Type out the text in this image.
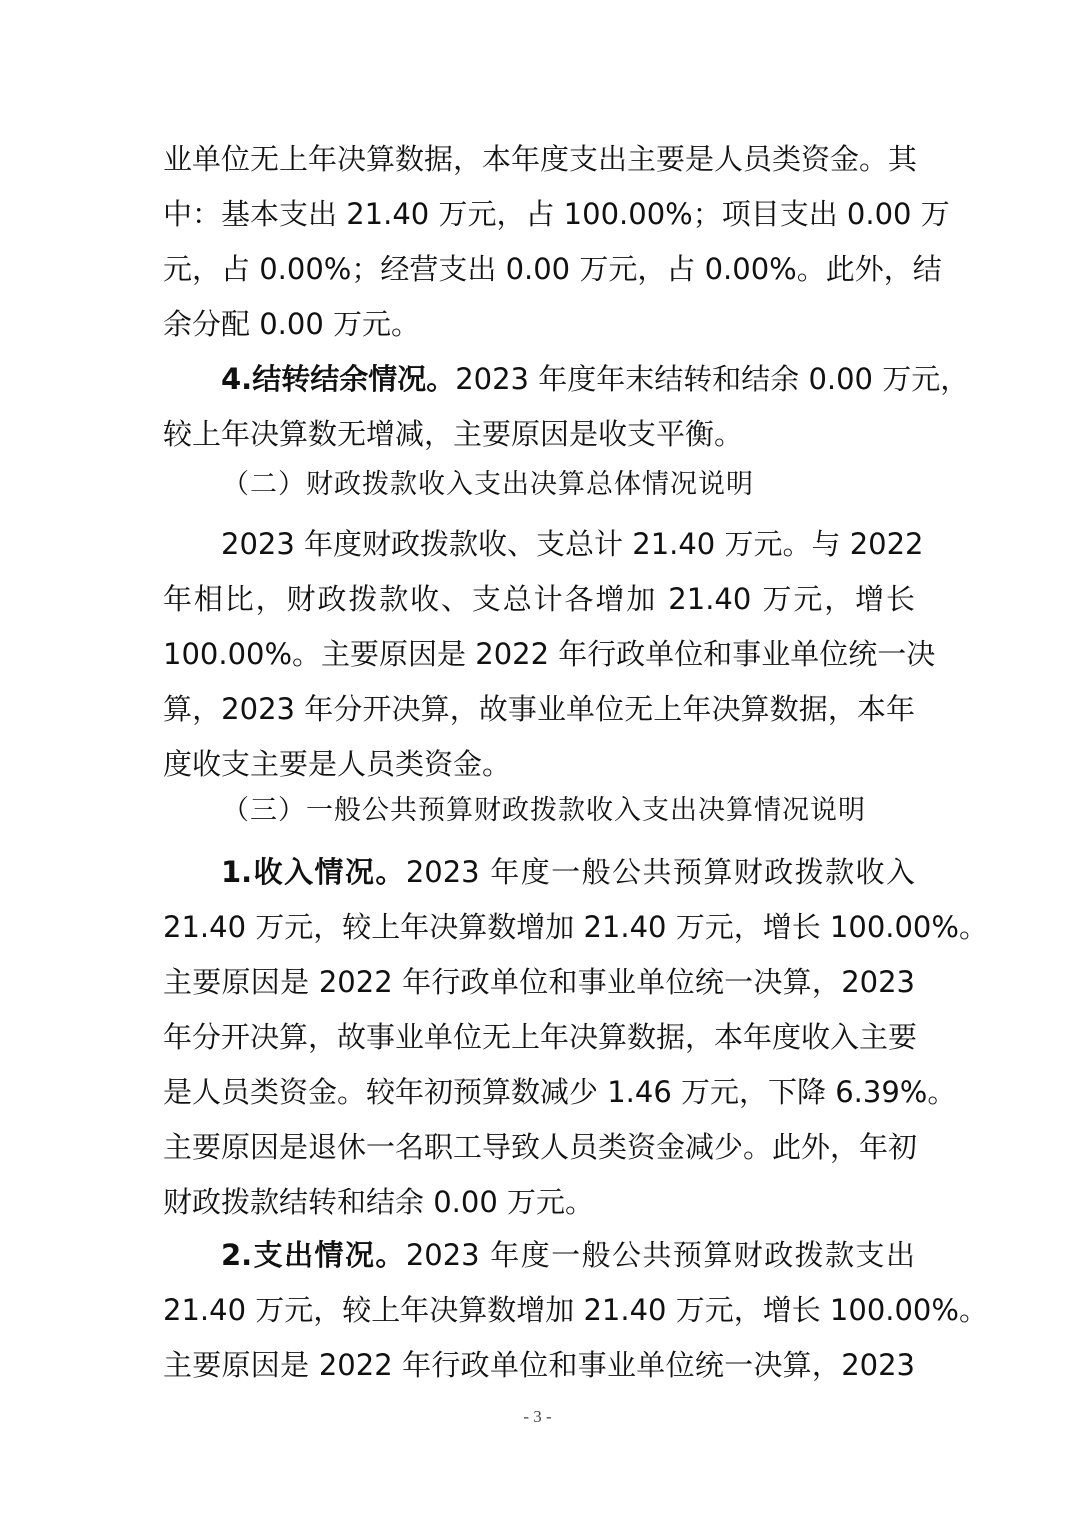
业单位无上年决算数据，本年度支出主要是人员类资金。其
中：基本支出 21.40 万元，占 100.00%；项目支出 0.00 万
元，占 0.00%；经营支出 0.00 万元，占 0.00%。此外，结
余分配 0.00 万元。
4.结转结余情况。2023 年度年末结转和结余 0.00 万元，
较上年决算数无增减，主要原因是收支平衡。
（二）财政拨款收入支出决算总体情况说明
2023 年度财政拨款收、支总计 21.40 万元。与 2022
年相比，财政拨款收、支总计各增加 21.40 万元，增长
100.00%。主要原因是 2022 年行政单位和事业单位统一决
算，2023 年分开决算，故事业单位无上年决算数据，本年
度收支主要是人员类资金。
（三）一般公共预算财政拨款收入支出决算情况说明
1.收入情况。2023 年度一般公共预算财政拨款收入
21.40 万元，较上年决算数增加 21.40 万元，增长 100.00%。
主要原因是 2022 年行政单位和事业单位统一决算，2023
年分开决算，故事业单位无上年决算数据，本年度收入主要
是人员类资金。较年初预算数减少 1.46 万元，下降 6.39%。
主要原因是退休一名职工导致人员类资金减少。此外，年初
财政拨款结转和结余 0.00 万元。
2.支出情况。2023 年度一般公共预算财政拨款支出
21.40 万元，较上年决算数增加 21.40 万元，增长 100.00%。
主要原因是 2022 年行政单位和事业单位统一决算，2023
- 3 -
